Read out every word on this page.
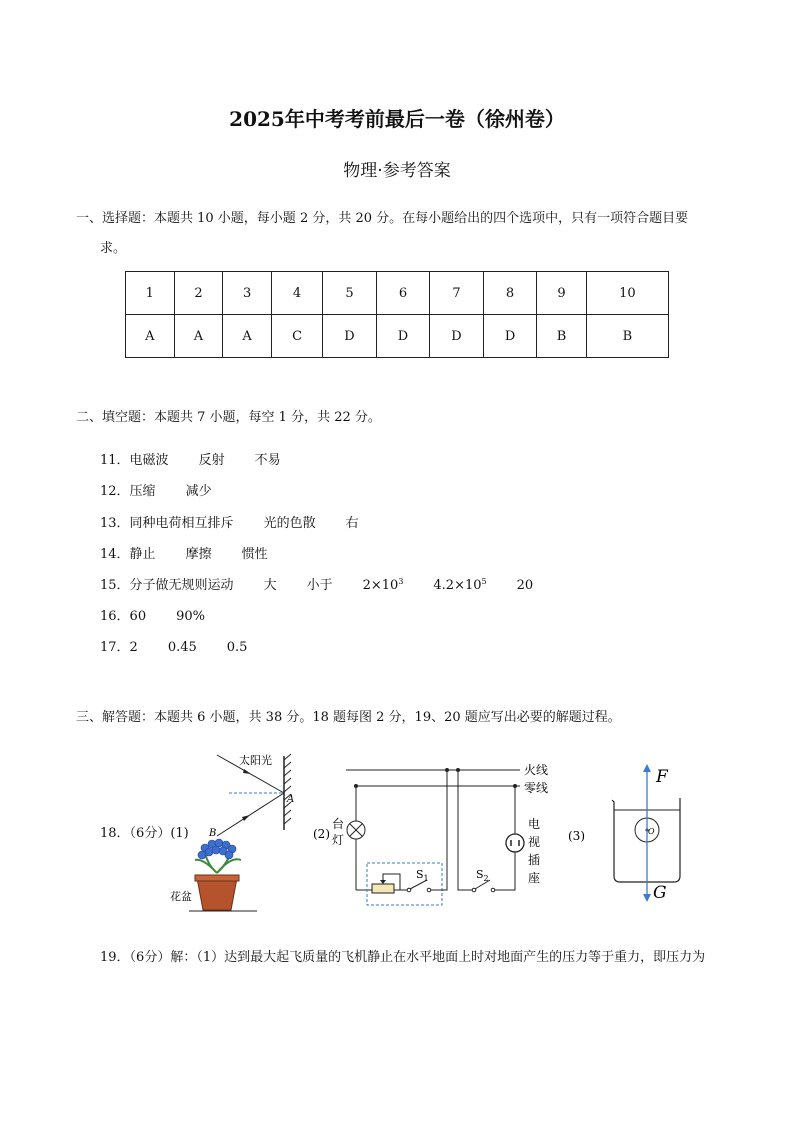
2025年中考考前最后一卷（徐州卷）
物理·参考答案
一、选择题：本题共 10 小题，每小题 2 分，共 20 分。在每小题给出的四个选项中，只有一项符合题目要
求。
1	2	3	4	5	6	7	8	9	10
A	A	A	C	D	D	D	D	B	B
二、填空题：本题共 7 小题，每空 1 分，共 22 分。
11．电磁波 反射 不易
12．压缩 减少
13．同种电荷相互排斥 光的色散 右
14．静止 摩擦 惯性
15．分子做无规则运动 大 小于 $2\times 10^3$ $4.2\times 10^5$ 20
16．60 90%
17．2 0.45 0.5
三、解答题：本题共 6 小题，共 38 分。18 题每图 2 分，19、20 题应写出必要的解题过程。
18．（6分）(1)
太阳光
A
B
花盆
(2)
火线
零线
台
灯
$S_1$	$S_2$
电
视
插
座
(3)	O
F
G
19．（6分）解：（1）达到最大起飞质量的飞机静止在水平地面上时对地面产生的压力等于重力，即压力为
